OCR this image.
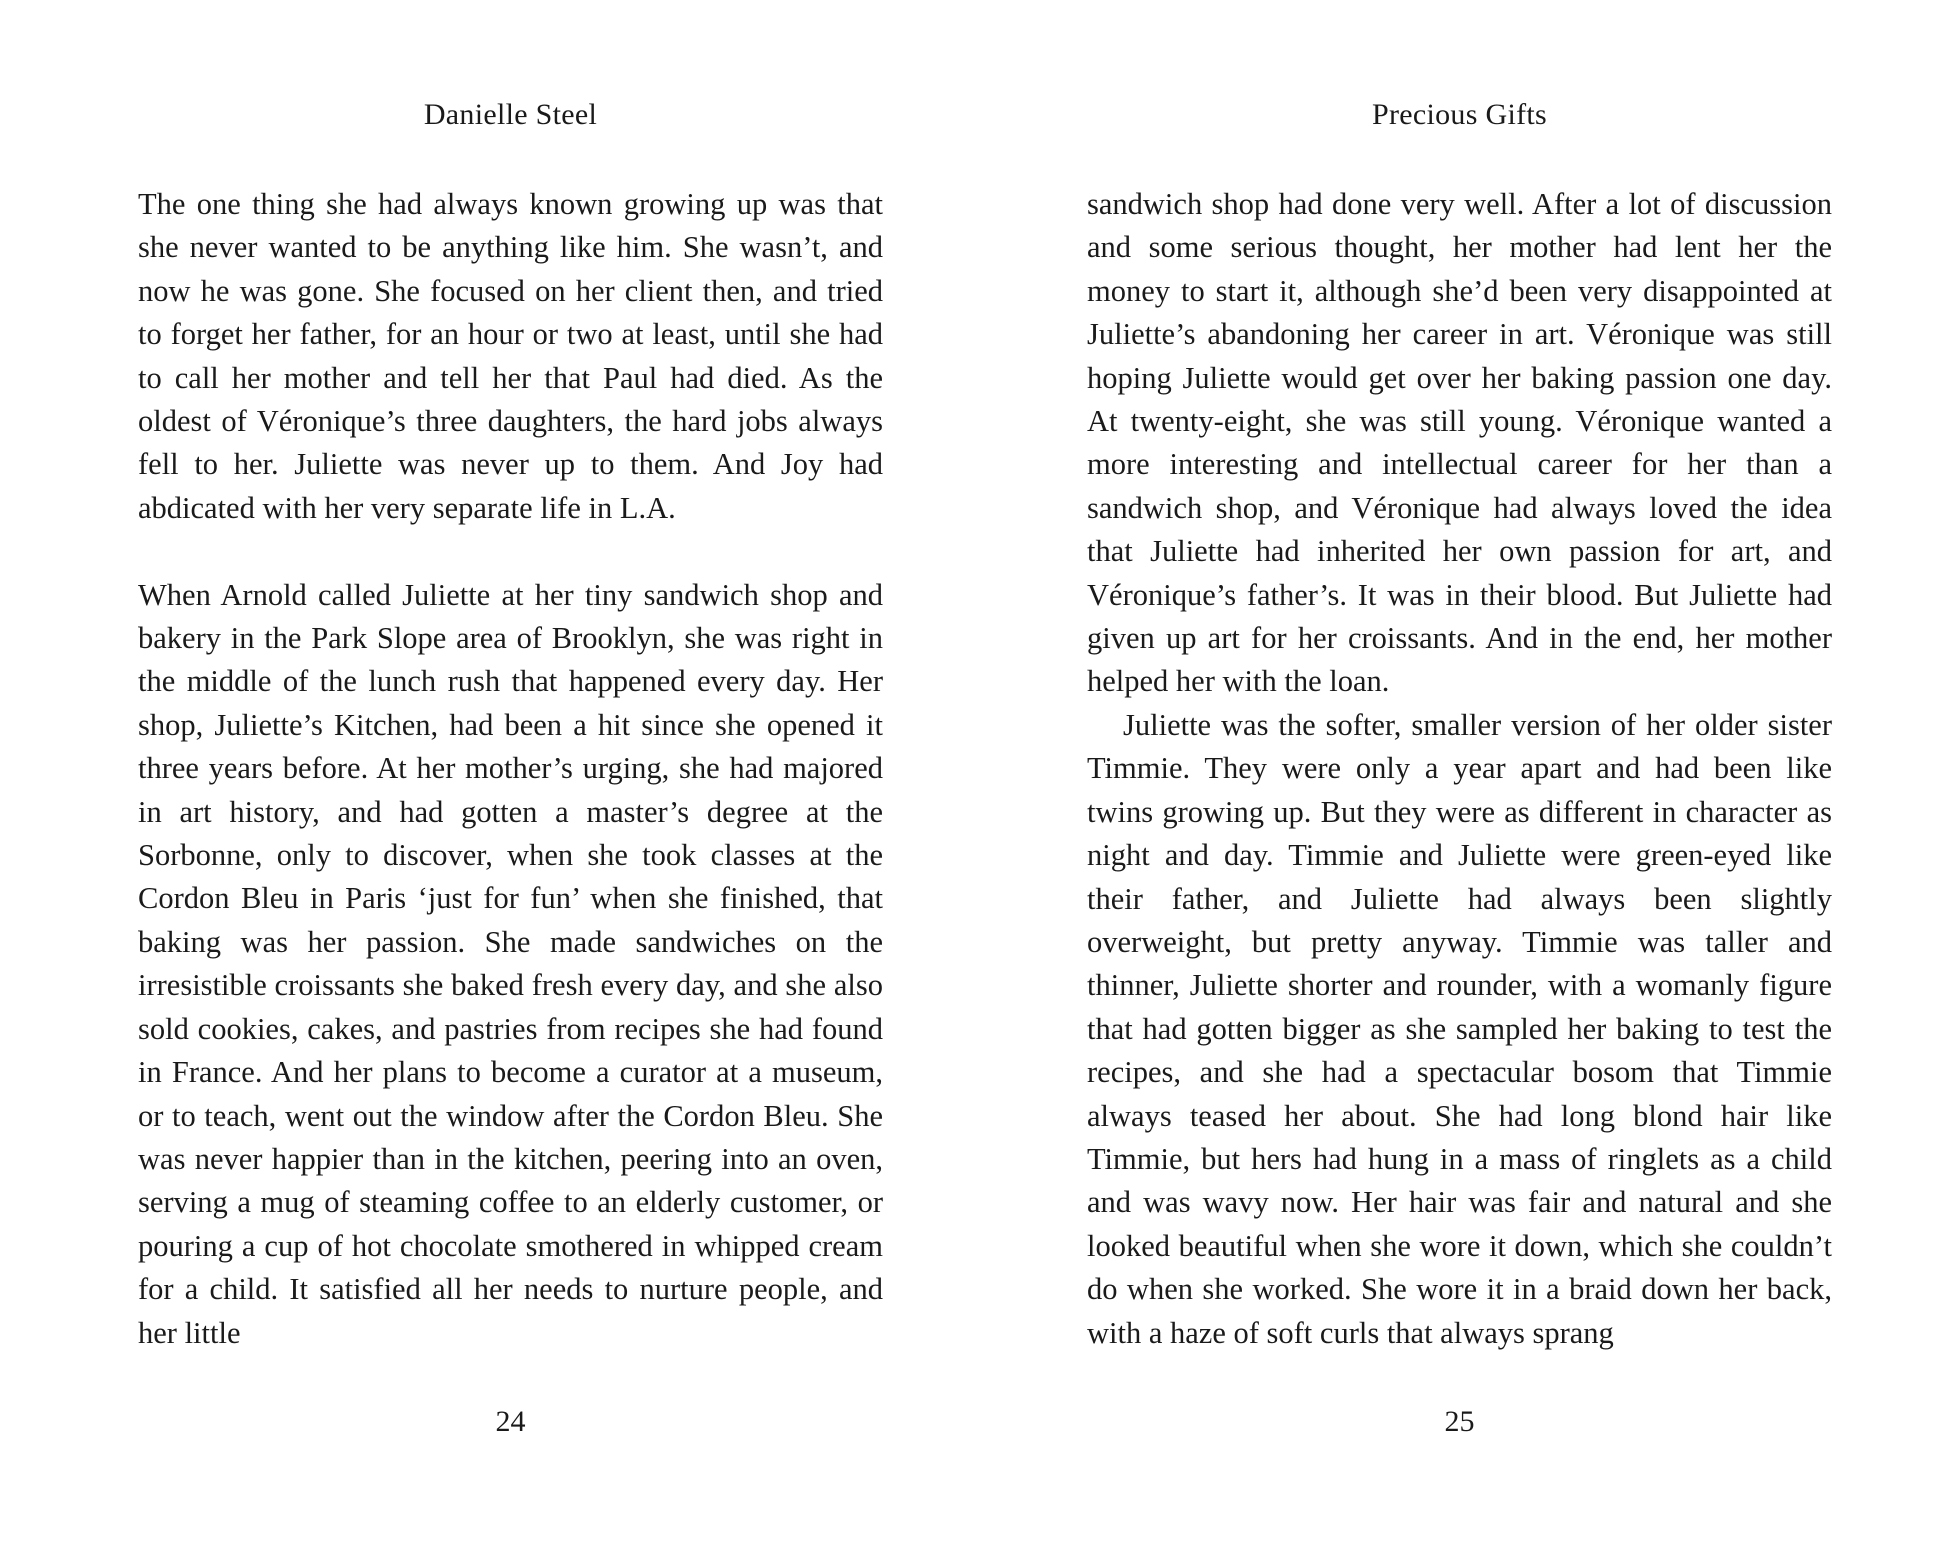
Danielle Steel

The one thing she had always known growing up was that she never wanted to be anything like him. She wasn’t, and now he was gone. She focused on her client then, and tried to forget her father, for an hour or two at least, until she had to call her mother and tell her that Paul had died. As the oldest of Véronique’s three daughters, the hard jobs always fell to her. Juliette was never up to them. And Joy had abdicated with her very separate life in L.A.

When Arnold called Juliette at her tiny sandwich shop and bakery in the Park Slope area of Brooklyn, she was right in the middle of the lunch rush that happened every day. Her shop, Juliette’s Kitchen, had been a hit since she opened it three years before. At her mother’s urging, she had majored in art history, and had gotten a master’s degree at the Sorbonne, only to discover, when she took classes at the Cordon Bleu in Paris ‘just for fun’ when she finished, that baking was her passion. She made sandwiches on the irresistible croissants she baked fresh every day, and she also sold cookies, cakes, and pastries from recipes she had found in France. And her plans to become a curator at a museum, or to teach, went out the window after the Cordon Bleu. She was never happier than in the kitchen, peering into an oven, serving a mug of steaming coffee to an elderly customer, or pouring a cup of hot chocolate smothered in whipped cream for a child. It satisfied all her needs to nurture people, and her little

24
Precious Gifts

sandwich shop had done very well. After a lot of discussion and some serious thought, her mother had lent her the money to start it, although she’d been very disappointed at Juliette’s abandoning her career in art. Véronique was still hoping Juliette would get over her baking passion one day. At twenty-eight, she was still young. Véronique wanted a more interesting and intellectual career for her than a sandwich shop, and Véronique had always loved the idea that Juliette had inherited her own passion for art, and Véronique’s father’s. It was in their blood. But Juliette had given up art for her croissants. And in the end, her mother helped her with the loan.

Juliette was the softer, smaller version of her older sister Timmie. They were only a year apart and had been like twins growing up. But they were as different in character as night and day. Timmie and Juliette were green-eyed like their father, and Juliette had always been slightly overweight, but pretty anyway. Timmie was taller and thinner, Juliette shorter and rounder, with a womanly figure that had gotten bigger as she sampled her baking to test the recipes, and she had a spectacular bosom that Timmie always teased her about. She had long blond hair like Timmie, but hers had hung in a mass of ringlets as a child and was wavy now. Her hair was fair and natural and she looked beautiful when she wore it down, which she couldn’t do when she worked. She wore it in a braid down her back, with a haze of soft curls that always sprang

25
